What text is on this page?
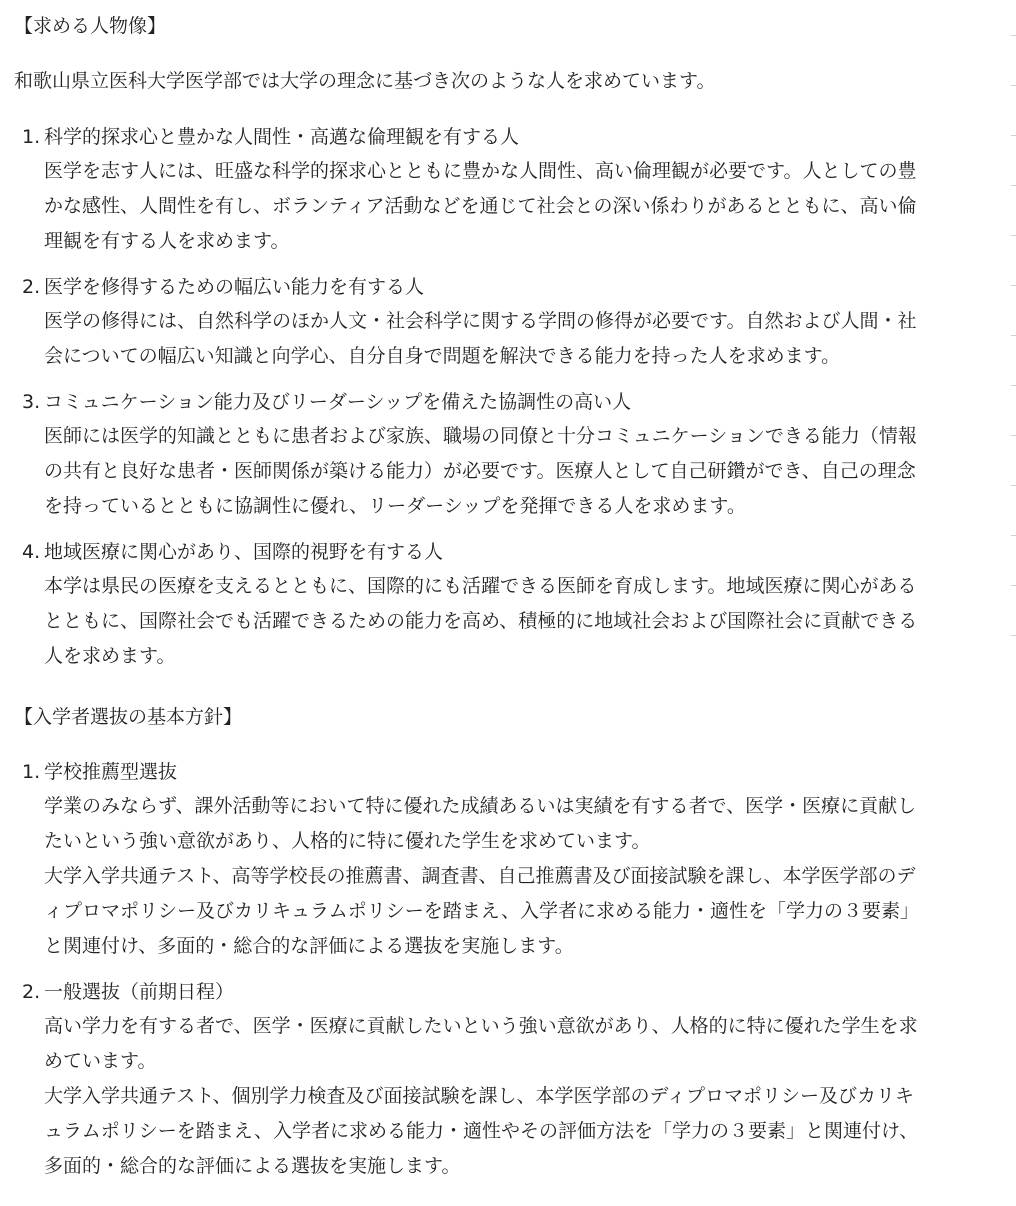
【求める人物像】

和歌山県立医科大学医学部では大学の理念に基づき次のような人を求めています。

1. 科学的探求心と豊かな人間性・高邁な倫理観を有する人

医学を志す人には、旺盛な科学的探求心とともに豊かな人間性、高い倫理観が必要です。人としての豊
かな感性、人間性を有し、ボランティア活動などを通じて社会との深い係わりがあるとともに、高い倫
理観を有する人を求めます。

2. 医学を修得するための幅広い能力を有する人

医学の修得には、自然科学のほか人文・社会科学に関する学問の修得が必要です。自然および人間・社
会についての幅広い知識と向学心、自分自身で問題を解決できる能力を持った人を求めます。

3. コミュニケーション能力及びリーダーシップを備えた協調性の高い人

医師には医学的知識とともに患者および家族、職場の同僚と十分コミュニケーションできる能力（情報
の共有と良好な患者・医師関係が築ける能力）が必要です。医療人として自己研鑽ができ、自己の理念
を持っているとともに協調性に優れ、リーダーシップを発揮できる人を求めます。

4. 地域医療に関心があり、国際的視野を有する人

本学は県民の医療を支えるとともに、国際的にも活躍できる医師を育成します。地域医療に関心がある
とともに、国際社会でも活躍できるための能力を高め、積極的に地域社会および国際社会に貢献できる
人を求めます。

【入学者選抜の基本方針】
1. 学校推薦型選抜

学業のみならず、課外活動等において特に優れた成績あるいは実績を有する者で、医学・医療に貢献し
たいという強い意欲があり、人格的に特に優れた学生を求めています。
大学入学共通テスト、高等学校長の推薦書、調査書、自己推薦書及び面接試験を課し、本学医学部のデ
ィプロマポリシー及びカリキュラムポリシーを踏まえ、入学者に求める能力・適性を「学力の３要素」
と関連付け、多面的・総合的な評価による選抜を実施します。

2. 一般選抜（前期日程）

高い学力を有する者で、医学・医療に貢献したいという強い意欲があり、人格的に特に優れた学生を求
めています。
大学入学共通テスト、個別学力検査及び面接試験を課し、本学医学部のディプロマポリシー及びカリキ
ュラムポリシーを踏まえ、入学者に求める能力・適性やその評価方法を「学力の３要素」と関連付け、
多面的・総合的な評価による選抜を実施します。
